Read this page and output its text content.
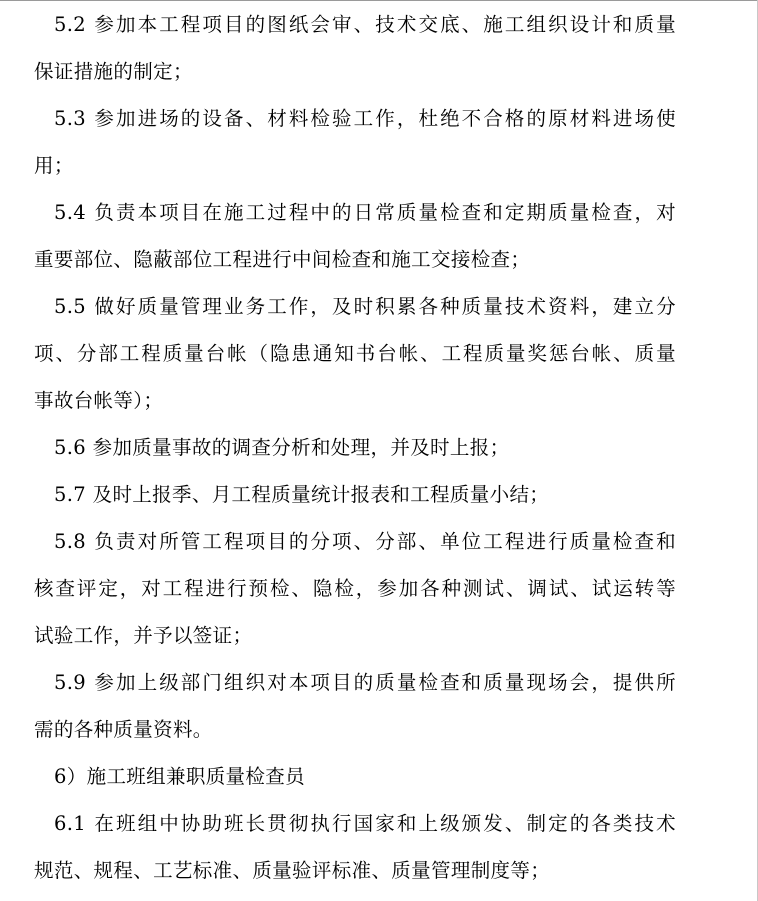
5.2 参加本工程项目的图纸会审、技术交底、施工组织设计和质量
保证措施的制定；
5.3 参加进场的设备、材料检验工作，杜绝不合格的原材料进场使
用；
5.4 负责本项目在施工过程中的日常质量检查和定期质量检查，对
重要部位、隐蔽部位工程进行中间检查和施工交接检查；
5.5 做好质量管理业务工作，及时积累各种质量技术资料，建立分
项、分部工程质量台帐（隐患通知书台帐、工程质量奖惩台帐、质量
事故台帐等）；
5.6 参加质量事故的调查分析和处理，并及时上报；
5.7 及时上报季、月工程质量统计报表和工程质量小结；
5.8 负责对所管工程项目的分项、分部、单位工程进行质量检查和
核查评定，对工程进行预检、隐检，参加各种测试、调试、试运转等
试验工作，并予以签证；
5.9 参加上级部门组织对本项目的质量检查和质量现场会，提供所
需的各种质量资料。
6）施工班组兼职质量检查员
6.1 在班组中协助班长贯彻执行国家和上级颁发、制定的各类技术
规范、规程、工艺标准、质量验评标准、质量管理制度等；
